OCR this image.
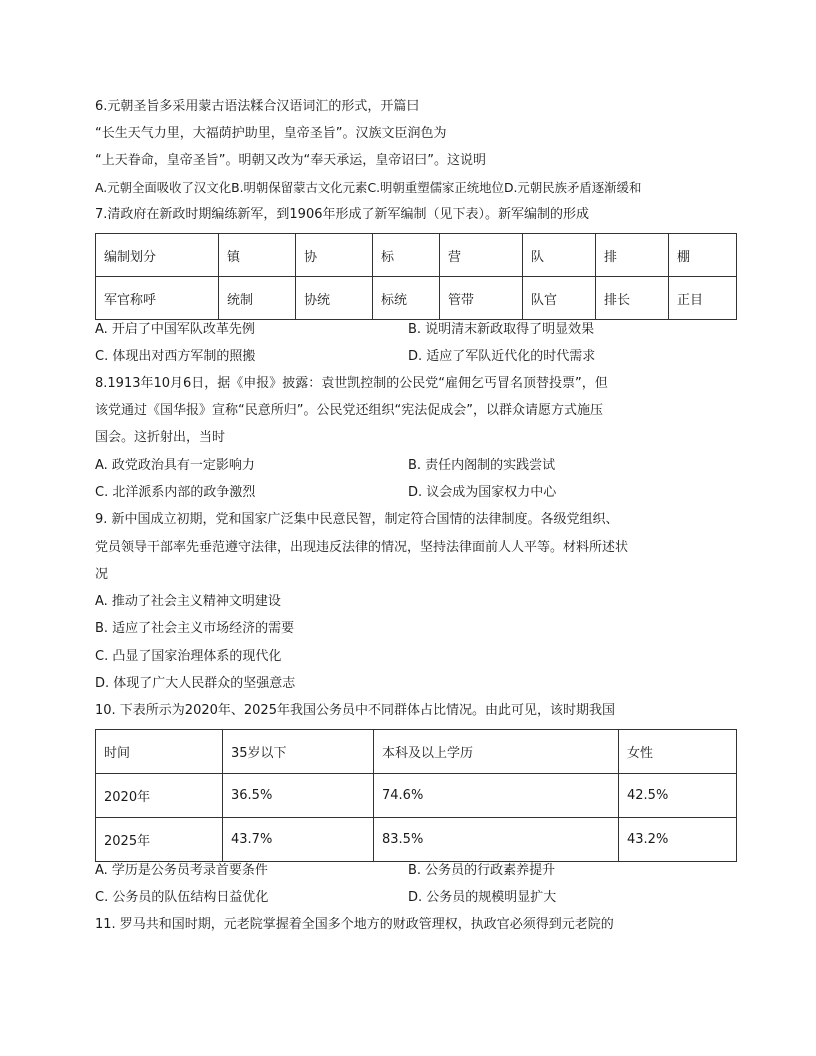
6.元朝圣旨多采用蒙古语法糅合汉语词汇的形式，开篇曰
“长生天气力里，大福荫护助里，皇帝圣旨”。汉族文臣润色为
“上天眷命，皇帝圣旨”。明朝又改为“奉天承运，皇帝诏曰”。这说明
A.元朝全面吸收了汉文化B.明朝保留蒙古文化元素C.明朝重塑儒家正统地位D.元朝民族矛盾逐渐缓和
7.清政府在新政时期编练新军，到1906年形成了新军编制（见下表）。新军编制的形成
编制划分	镇	协	标	营	队	排	棚
军官称呼	统制	协统	标统	管带	队官	排长	正目
A. 开启了中国军队改革先例	B. 说明清末新政取得了明显效果
C. 体现出对西方军制的照搬	D. 适应了军队近代化的时代需求
8.1913年10月6日，据《申报》披露：袁世凯控制的公民党“雇佣乞丐冒名顶替投票”，但
该党通过《国华报》宣称“民意所归”。公民党还组织“宪法促成会”，以群众请愿方式施压
国会。这折射出，当时
A. 政党政治具有一定影响力	B. 责任内阁制的实践尝试
C. 北洋派系内部的政争激烈	D. 议会成为国家权力中心
9. 新中国成立初期，党和国家广泛集中民意民智，制定符合国情的法律制度。各级党组织、
党员领导干部率先垂范遵守法律，出现违反法律的情况，坚持法律面前人人平等。材料所述状
况
A. 推动了社会主义精神文明建设
B. 适应了社会主义市场经济的需要
C. 凸显了国家治理体系的现代化
D. 体现了广大人民群众的坚强意志
10. 下表所示为2020年、2025年我国公务员中不同群体占比情况。由此可见，该时期我国
时间	35岁以下	本科及以上学历	女性
2020年	36.5%	74.6%	42.5%
2025年	43.7%	83.5%	43.2%
A. 学历是公务员考录首要条件	B. 公务员的行政素养提升
C. 公务员的队伍结构日益优化	D. 公务员的规模明显扩大
11. 罗马共和国时期，元老院掌握着全国多个地方的财政管理权，执政官必须得到元老院的
